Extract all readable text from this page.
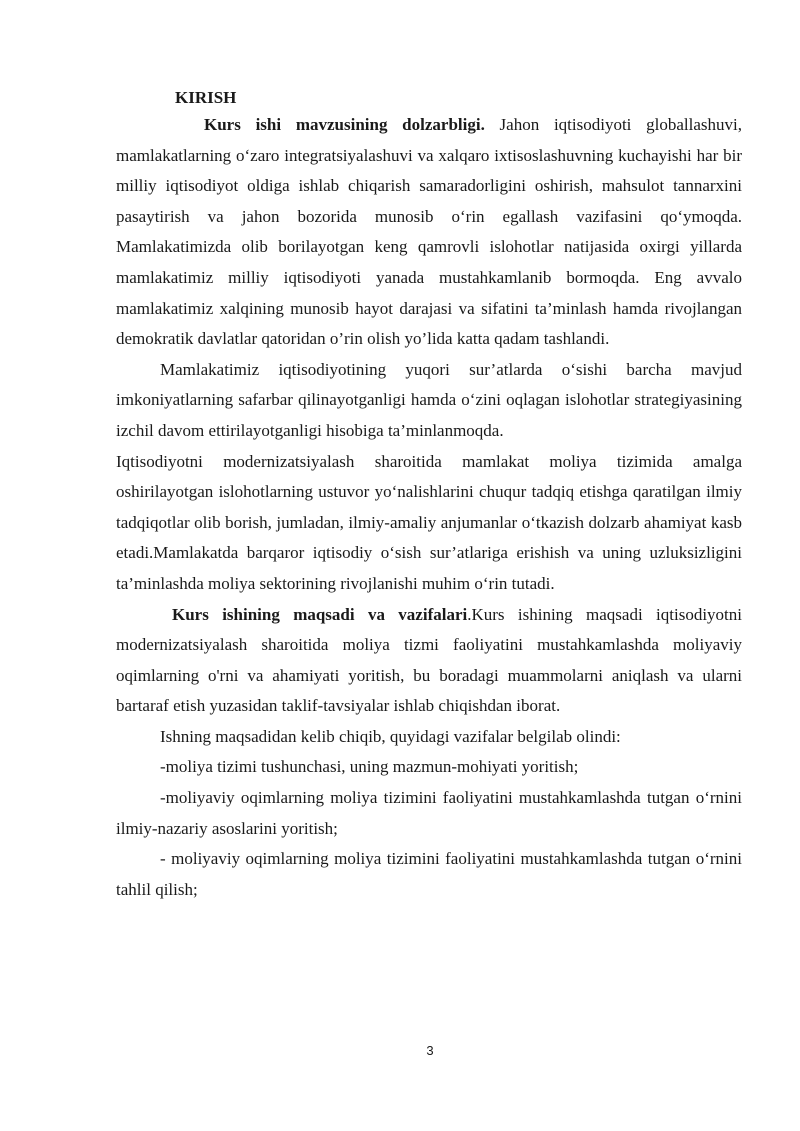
KIRISH

Kurs ishi mavzusining dolzarbligi. Jahon iqtisodiyoti globallashuvi, mamlakatlarning o‘zaro integratsiyalashuvi va xalqaro ixtisoslashuvning kuchayishi har bir milliy iqtisodiyot oldiga ishlab chiqarish samaradorligini oshirish, mahsulot tannarxini pasaytirish va jahon bozorida munosib o‘rin egallash vazifasini qo‘ymoqda. Mamlakatimizda olib borilayotgan keng qamrovli islohotlar natijasida oxirgi yillarda mamlakatimiz milliy iqtisodiyoti yanada mustahkamlanib bormoqda. Eng avvalo mamlakatimiz xalqining munosib hayot darajasi va sifatini ta’minlash hamda rivojlangan demokratik davlatlar qatoridan o’rin olish yo’lida katta qadam tashlandi.

Mamlakatimiz iqtisodiyotining yuqori sur’atlarda o‘sishi barcha mavjud imkoniyatlarning safarbar qilinayotganligi hamda o‘zini oqlagan islohotlar strategiyasining izchil davom ettirilayotganligi hisobiga ta’minlanmoqda.

Iqtisodiyotni modernizatsiyalash sharoitida mamlakat moliya tizimida amalga oshirilayotgan islohotlarning ustuvor yo‘nalishlarini chuqur tadqiq etishga qaratilgan ilmiy tadqiqotlar olib borish, jumladan, ilmiy-amaliy anjumanlar o‘tkazish dolzarb ahamiyat kasb etadi.Mamlakatda barqaror iqtisodiy o‘sish sur’atlariga erishish va uning uzluksizligini ta’minlashda moliya sektorining rivojlanishi muhim o‘rin tutadi.

Kurs ishining maqsadi va vazifalari.Kurs ishining maqsadi iqtisodiyotni modernizatsiyalash sharoitida moliya tizmi faoliyatini mustahkamlashda moliyaviy oqimlarning o'rni va ahamiyati yoritish, bu boradagi muammolarni aniqlash va ularni bartaraf etish yuzasidan taklif-tavsiyalar ishlab chiqishdan iborat.

Ishning maqsadidan kelib chiqib, quyidagi vazifalar belgilab olindi:

-moliya tizimi tushunchasi, uning mazmun-mohiyati yoritish;

-moliyaviy oqimlarning moliya tizimini faoliyatini mustahkamlashda tutgan o‘rnini ilmiy-nazariy asoslarini yoritish;

- moliyaviy oqimlarning moliya tizimini faoliyatini mustahkamlashda tutgan o‘rnini tahlil qilish;

3
